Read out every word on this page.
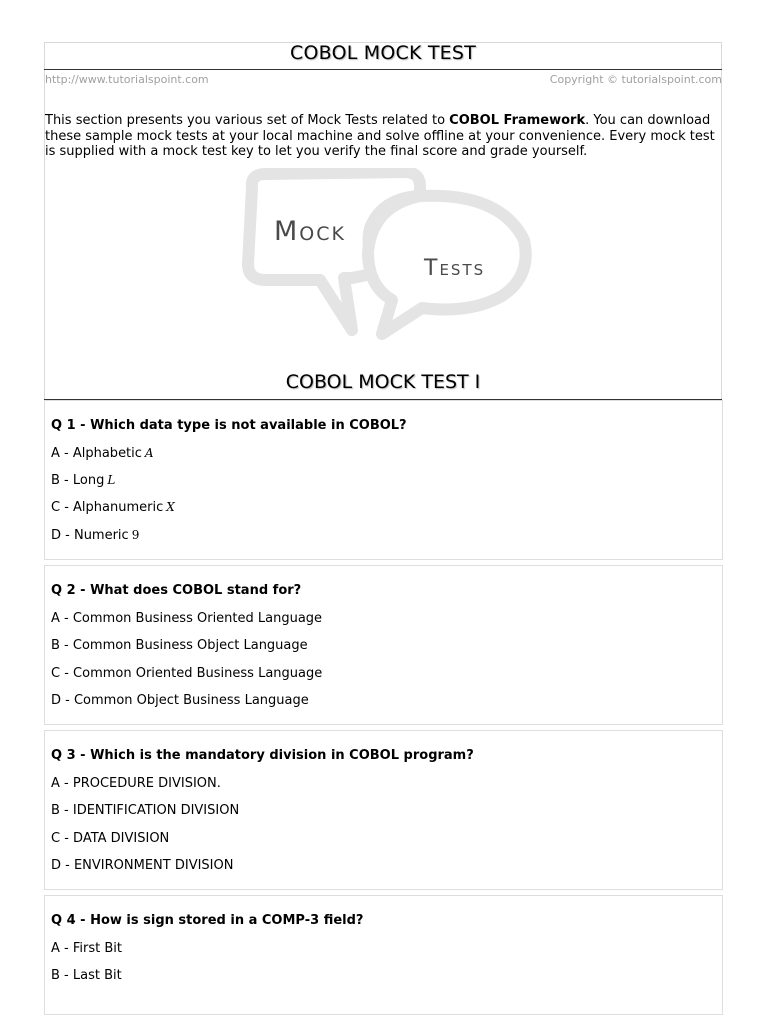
COBOL MOCK TEST
http://www.tutorialspoint.com	Copyright © tutorialspoint.com
This section presents you various set of Mock Tests related to COBOL Framework. You can download these sample mock tests at your local machine and solve offline at your convenience. Every mock test is supplied with a mock test key to let you verify the final score and grade yourself.
Mock
Tests
COBOL MOCK TEST I
Q 1 - Which data type is not available in COBOL?
A - Alphabetic A
B - Long L
C - Alphanumeric X
D - Numeric 9
Q 2 - What does COBOL stand for?
A - Common Business Oriented Language
B - Common Business Object Language
C - Common Oriented Business Language
D - Common Object Business Language
Q 3 - Which is the mandatory division in COBOL program?
A - PROCEDURE DIVISION.
B - IDENTIFICATION DIVISION
C - DATA DIVISION
D - ENVIRONMENT DIVISION
Q 4 - How is sign stored in a COMP-3 field?
A - First Bit
B - Last Bit
